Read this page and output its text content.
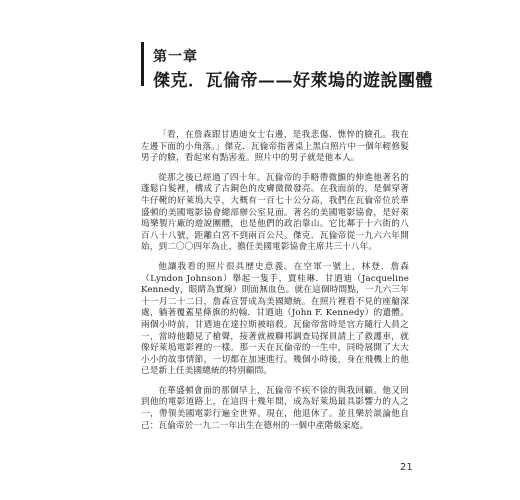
第一章
傑克．瓦倫帝——好萊塢的遊說團體

「看，在詹森跟甘迺迪女士右邊，是我悲傷、憔悴的臉孔。我在左邊下面的小角落。」傑克．瓦倫帝指著桌上黑白照片中一個年輕修髮男子的臉，看起來有點害羞。照片中的男子就是他本人。

從那之後已經過了四十年。瓦倫帝的手略帶微顫的伸進他著名的蓬鬆白髮裡，構成了古銅色的皮膚微微發亮。在我面前的，是個穿著牛仔靴的好萊塢大亨，大概有一百七十公分高，我們在瓦倫帝位於華盛頓的美國電影協會總部辦公室見面。著名的美國電影協會，是好萊塢樂製片廠的遊說團體，也是他們的政治靠山。它比鄰于十六街的八百八十八號，距離白宮不到兩百公尺。傑克．瓦倫帝從一九六六年開始，到二〇〇四年為止，擔任美國電影協會主席共三十八年。

他讓我看的照片很具歷史意義。在空軍一號上，林登．詹森（Lyndon Johnson）舉起一隻手，賈桂琳．甘迺迪（Jacqueline Kennedy，眼睛為實線）則面無血色。就在這個時間點，一九六三年十一月二十二日，詹森宣誓成為美國總統。在照片裡看不見的座艙深處，躺著覆蓋星條旗的約翰．甘迺迪（John F. Kennedy）的遺體。兩個小時前，甘迺迪在達拉斯被暗殺。瓦倫帝當時是官方隨行人員之一，當時他聽見了槍聲，接著就被聯邦調查局探員請上了救護車，就像好萊塢電影裡的一樣。那一天在瓦倫帝的一生中，同時展開了大大小小的故事情節，一切都在加速進行。幾個小時後，身在飛機上的他已是新上任美國總統的特別顧問。

在華盛頓會面的那個早上，瓦倫帝不疾不徐的與我回顧。他又回到他的電影道路上，在這四十幾年間，成為好萊塢最具影響力的人之一，帶領美國電影行遍全世界。現在，他退休了。並且樂於談論他自己：瓦倫帝於一九二一年出生在德州的一個中產階級家庭。

21
